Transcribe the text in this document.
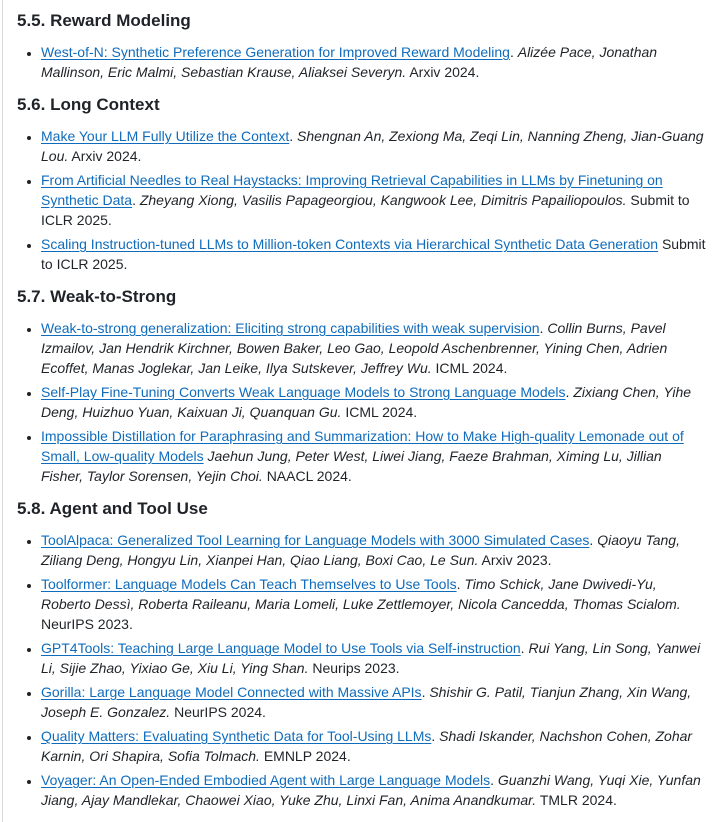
5.5. Reward Modeling
• West-of-N: Synthetic Preference Generation for Improved Reward Modeling. Alizée Pace, Jonathan Mallinson, Eric Malmi, Sebastian Krause, Aliaksei Severyn. Arxiv 2024.
5.6. Long Context
• Make Your LLM Fully Utilize the Context. Shengnan An, Zexiong Ma, Zeqi Lin, Nanning Zheng, Jian-Guang Lou. Arxiv 2024.
• From Artificial Needles to Real Haystacks: Improving Retrieval Capabilities in LLMs by Finetuning on Synthetic Data. Zheyang Xiong, Vasilis Papageorgiou, Kangwook Lee, Dimitris Papailiopoulos. Submit to ICLR 2025.
• Scaling Instruction-tuned LLMs to Million-token Contexts via Hierarchical Synthetic Data Generation Submit to ICLR 2025.
5.7. Weak-to-Strong
• Weak-to-strong generalization: Eliciting strong capabilities with weak supervision. Collin Burns, Pavel Izmailov, Jan Hendrik Kirchner, Bowen Baker, Leo Gao, Leopold Aschenbrenner, Yining Chen, Adrien Ecoffet, Manas Joglekar, Jan Leike, Ilya Sutskever, Jeffrey Wu. ICML 2024.
• Self-Play Fine-Tuning Converts Weak Language Models to Strong Language Models. Zixiang Chen, Yihe Deng, Huizhuo Yuan, Kaixuan Ji, Quanquan Gu. ICML 2024.
• Impossible Distillation for Paraphrasing and Summarization: How to Make High-quality Lemonade out of Small, Low-quality Models Jaehun Jung, Peter West, Liwei Jiang, Faeze Brahman, Ximing Lu, Jillian Fisher, Taylor Sorensen, Yejin Choi. NAACL 2024.
5.8. Agent and Tool Use
• ToolAlpaca: Generalized Tool Learning for Language Models with 3000 Simulated Cases. Qiaoyu Tang, Ziliang Deng, Hongyu Lin, Xianpei Han, Qiao Liang, Boxi Cao, Le Sun. Arxiv 2023.
• Toolformer: Language Models Can Teach Themselves to Use Tools. Timo Schick, Jane Dwivedi-Yu, Roberto Dessì, Roberta Raileanu, Maria Lomeli, Luke Zettlemoyer, Nicola Cancedda, Thomas Scialom. NeurIPS 2023.
• GPT4Tools: Teaching Large Language Model to Use Tools via Self-instruction. Rui Yang, Lin Song, Yanwei Li, Sijie Zhao, Yixiao Ge, Xiu Li, Ying Shan. Neurips 2023.
• Gorilla: Large Language Model Connected with Massive APIs. Shishir G. Patil, Tianjun Zhang, Xin Wang, Joseph E. Gonzalez. NeurIPS 2024.
• Quality Matters: Evaluating Synthetic Data for Tool-Using LLMs. Shadi Iskander, Nachshon Cohen, Zohar Karnin, Ori Shapira, Sofia Tolmach. EMNLP 2024.
• Voyager: An Open-Ended Embodied Agent with Large Language Models. Guanzhi Wang, Yuqi Xie, Yunfan Jiang, Ajay Mandlekar, Chaowei Xiao, Yuke Zhu, Linxi Fan, Anima Anandkumar. TMLR 2024.
